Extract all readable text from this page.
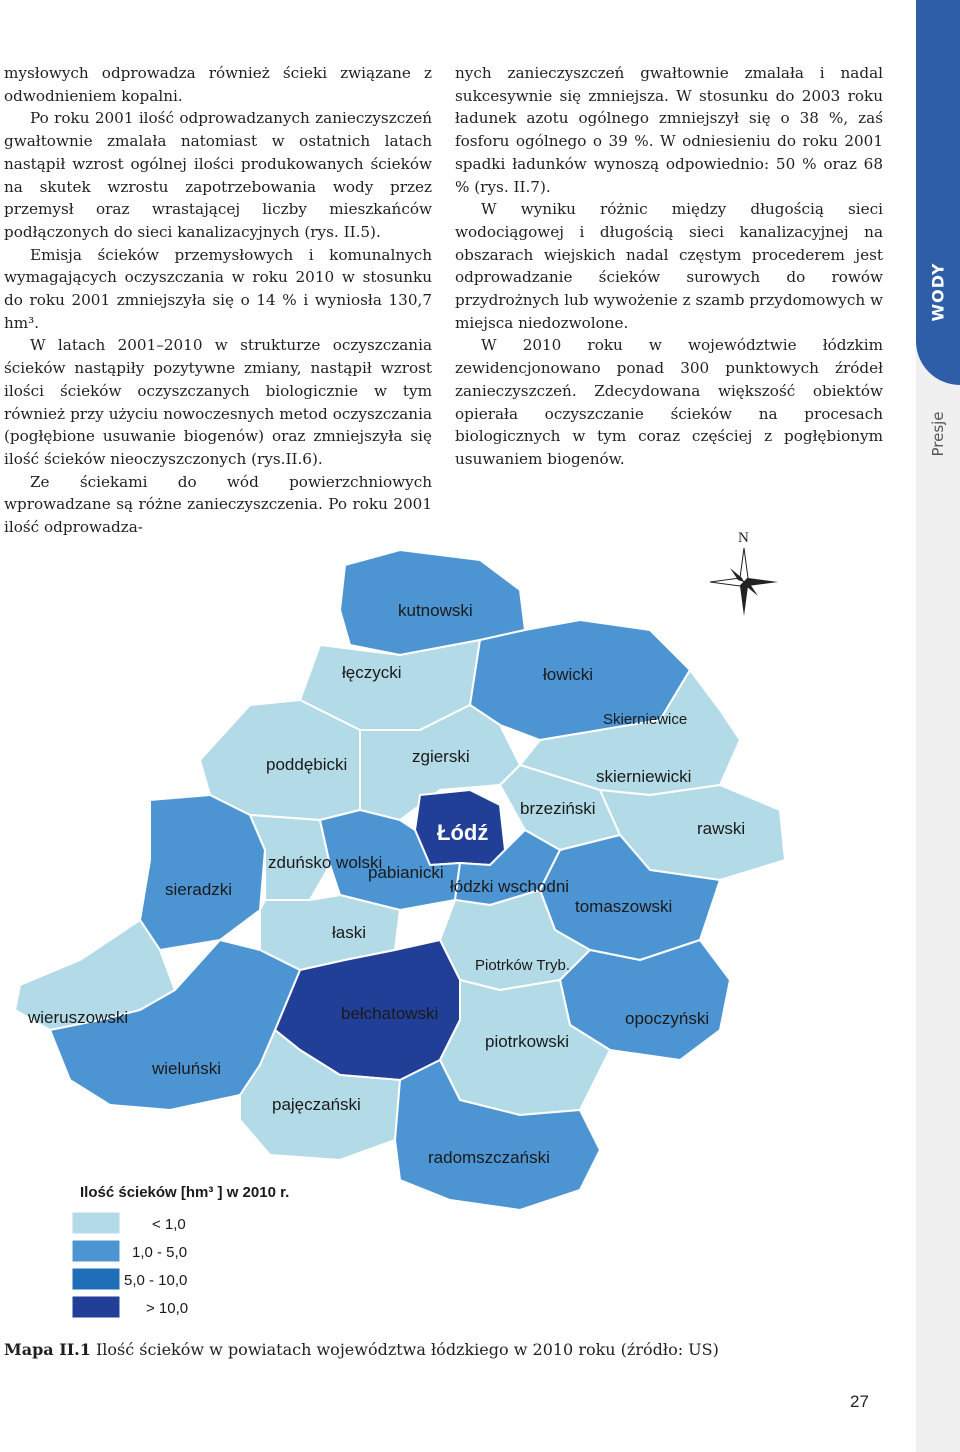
WODY
Presje

mysłowych odprowadza również ścieki związane z odwodnieniem kopalni.

Po roku 2001 ilość odprowadzanych zanieczyszczeń gwałtownie zmalała natomiast w ostatnich latach nastąpił wzrost ogólnej ilości produkowanych ścieków na skutek wzrostu zapotrzebowania wody przez przemysł oraz wrastającej liczby mieszkańców podłączonych do sieci kanalizacyjnych (rys. II.5).

Emisja ścieków przemysłowych i komunalnych wymagających oczyszczania w roku 2010 w stosunku do roku 2001 zmniejszyła się o 14 % i wyniosła 130,7 hm³.

W latach 2001–2010 w strukturze oczyszczania ścieków nastąpiły pozytywne zmiany, nastąpił wzrost ilości ścieków oczyszczanych biologicznie w tym również przy użyciu nowoczesnych metod oczyszczania (pogłębione usuwanie biogenów) oraz zmniejszyła się ilość ścieków nieoczyszczonych (rys.II.6).

Ze ściekami do wód powierzchniowych wprowadzane są różne zanieczyszczenia. Po roku 2001 ilość odprowadza-

nych zanieczyszczeń gwałtownie zmalała i nadal sukcesywnie się zmniejsza. W stosunku do 2003 roku ładunek azotu ogólnego zmniejszył się o 38 %, zaś fosforu ogólnego o 39 %. W odniesieniu do roku 2001 spadki ładunków wynoszą odpowiednio: 50 % oraz 68 % (rys. II.7).

W wyniku różnic między długością sieci wodociągowej i długością sieci kanalizacyjnej na obszarach wiejskich nadal częstym procederem jest odprowadzanie ścieków surowych do rowów przydrożnych lub wywożenie z szamb przydomowych w miejsca niedozwolone.

W 2010 roku w województwie łódzkim zewidencjonowano ponad 300 punktowych źródeł zanieczyszczeń. Zdecydowana większość obiektów opierała oczyszczanie ścieków na procesach biologicznych w tym coraz częściej z pogłębionym usuwaniem biogenów.

kutnowski
łęczycki	łowicki
Skierniewice
poddębicki	zgierski
skierniewicki
brzeziński
rawski
Łódź
sieradzki
zduńsko wolski
pabianicki
łódzki wschodni
tomaszowski
łaski
Piotrków Tryb.
wieruszowski	bełchatowski	opoczyński
wieluński
piotrkowski
pajęczański
radomszczański
N
Ilość ścieków [hm³ ] w 2010 r.
< 1,0
1,0 - 5,0
5,0 - 10,0
> 10,0
Mapa II.1 Ilość ścieków w powiatach województwa łódzkiego w 2010 roku (źródło: US)
27
